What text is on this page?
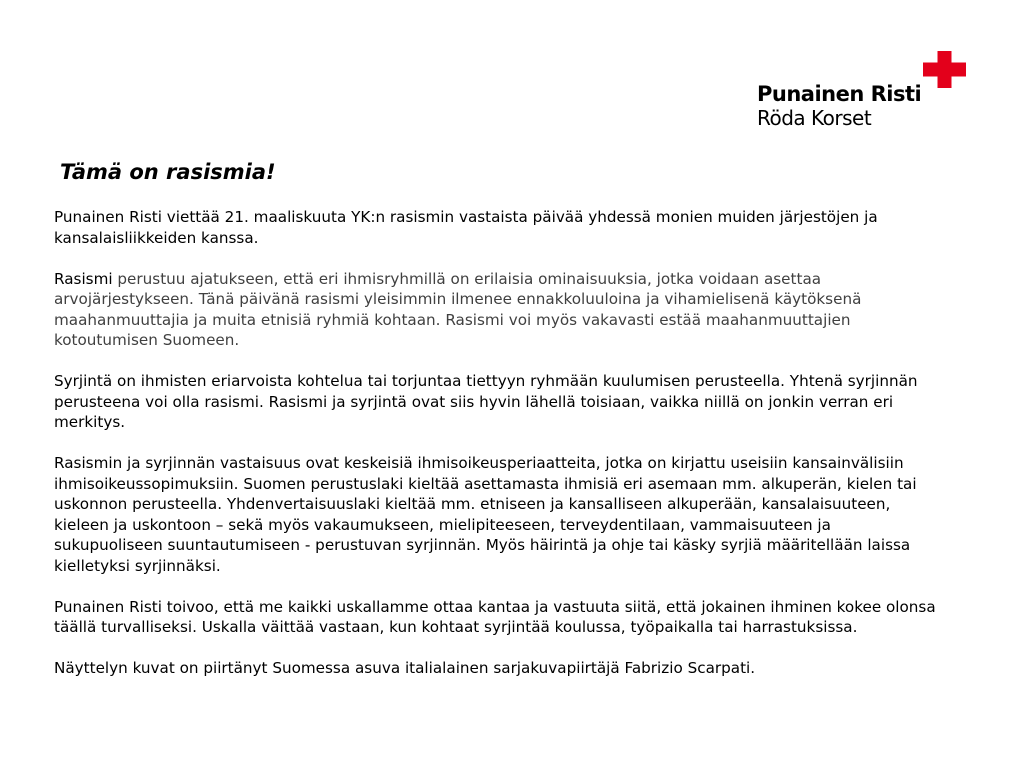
Punainen Risti
Röda Korset
Tämä on rasismia!

Punainen Risti viettää 21. maaliskuuta YK:n rasismin vastaista päivää yhdessä monien muiden järjestöjen ja kansalaisliikkeiden kanssa.

Rasismi perustuu ajatukseen, että eri ihmisryhmillä on erilaisia ominaisuuksia, jotka voidaan asettaa arvojärjestykseen. Tänä päivänä rasismi yleisimmin ilmenee ennakkoluuloina ja vihamielisenä käytöksenä maahanmuuttajia ja muita etnisiä ryhmiä kohtaan. Rasismi voi myös vakavasti estää maahanmuuttajien kotoutumisen Suomeen.

Syrjintä on ihmisten eriarvoista kohtelua tai torjuntaa tiettyyn ryhmään kuulumisen perusteella. Yhtenä syrjinnän perusteena voi olla rasismi. Rasismi ja syrjintä ovat siis hyvin lähellä toisiaan, vaikka niillä on jonkin verran eri merkitys.

Rasismin ja syrjinnän vastaisuus ovat keskeisiä ihmisoikeusperiaatteita, jotka on kirjattu useisiin kansainvälisiin ihmisoikeussopimuksiin. Suomen perustuslaki kieltää asettamasta ihmisiä eri asemaan mm. alkuperän, kielen tai uskonnon perusteella. Yhdenvertaisuuslaki kieltää mm. etniseen ja kansalliseen alkuperään, kansalaisuuteen, kieleen ja uskontoon – sekä myös vakaumukseen, mielipiteeseen, terveydentilaan, vammaisuuteen ja sukupuoliseen suuntautumiseen - perustuvan syrjinnän. Myös häirintä ja ohje tai käsky syrjiä määritellään laissa kielletyksi syrjinnäksi.

Punainen Risti toivoo, että me kaikki uskallamme ottaa kantaa ja vastuuta siitä, että jokainen ihminen kokee olonsa täällä turvalliseksi. Uskalla väittää vastaan, kun kohtaat syrjintää koulussa, työpaikalla tai harrastuksissa.

Näyttelyn kuvat on piirtänyt Suomessa asuva italialainen sarjakuvapiirtäjä Fabrizio Scarpati.
